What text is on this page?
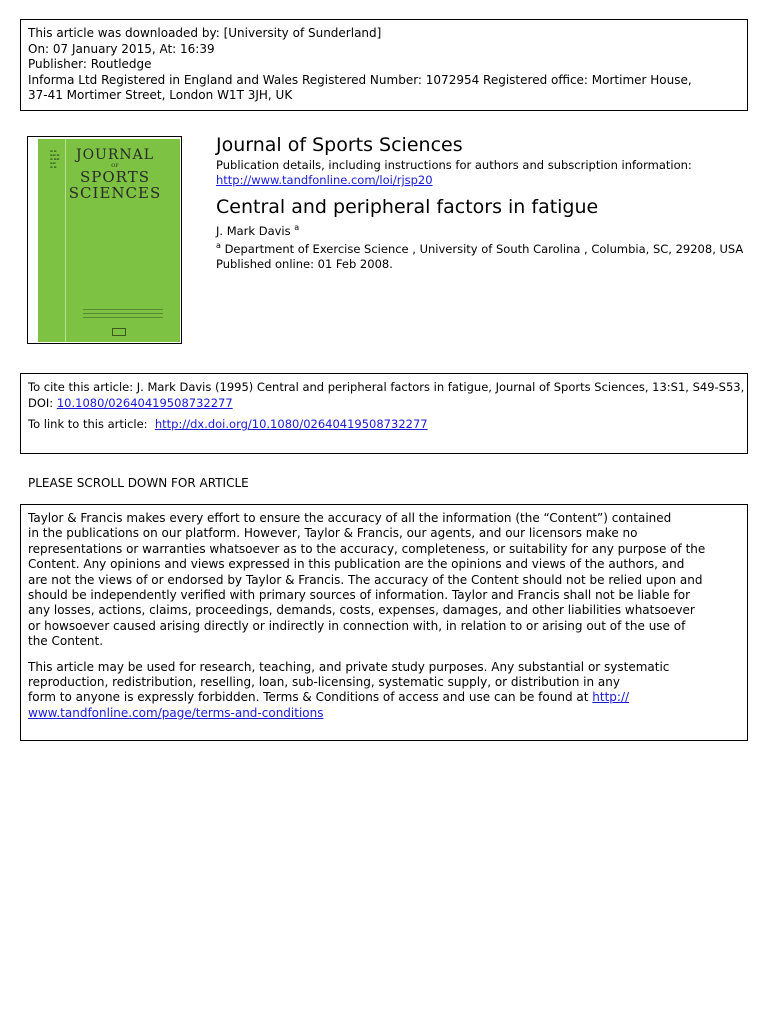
This article was downloaded by: [University of Sunderland]
On: 07 January 2015, At: 16:39
Publisher: Routledge
Informa Ltd Registered in England and Wales Registered Number: 1072954 Registered office: Mortimer House,
37-41 Mortimer Street, London W1T 3JH, UK
▬ ▬
▬▬ ▬
▬ ▬▬
▬▬
▬ ▬
JOURNAL
OF
SPORTS
SCIENCES
Journal of Sports Sciences
Publication details, including instructions for authors and subscription information:
http://www.tandfonline.com/loi/rjsp20
Central and peripheral factors in fatigue
J. Mark Davis $^a$
$^a$ Department of Exercise Science , University of South Carolina , Columbia, SC, 29208, USA
Published online: 01 Feb 2008.
To cite this article: J. Mark Davis (1995) Central and peripheral factors in fatigue, Journal of Sports Sciences, 13:S1, S49-S53,
DOI: 10.1080/02640419508732277
To link to this article: http://dx.doi.org/10.1080/02640419508732277
PLEASE SCROLL DOWN FOR ARTICLE
Taylor & Francis makes every effort to ensure the accuracy of all the information (the “Content”) contained
in the publications on our platform. However, Taylor & Francis, our agents, and our licensors make no
representations or warranties whatsoever as to the accuracy, completeness, or suitability for any purpose of the
Content. Any opinions and views expressed in this publication are the opinions and views of the authors, and
are not the views of or endorsed by Taylor & Francis. The accuracy of the Content should not be relied upon and
should be independently verified with primary sources of information. Taylor and Francis shall not be liable for
any losses, actions, claims, proceedings, demands, costs, expenses, damages, and other liabilities whatsoever
or howsoever caused arising directly or indirectly in connection with, in relation to or arising out of the use of
the Content.
This article may be used for research, teaching, and private study purposes. Any substantial or systematic
reproduction, redistribution, reselling, loan, sub-licensing, systematic supply, or distribution in any
form to anyone is expressly forbidden. Terms & Conditions of access and use can be found at http://
www.tandfonline.com/page/terms-and-conditions
